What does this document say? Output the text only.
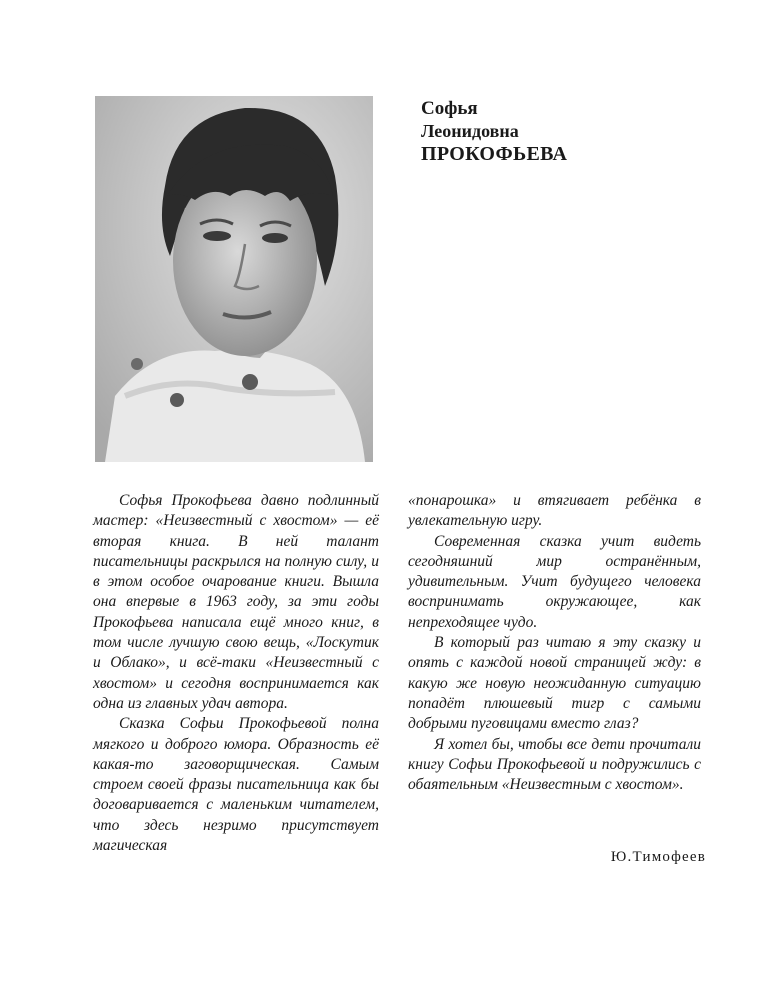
Софья
Леонидовна
ПРОКОФЬЕВА

Софья Прокофьева давно подлинный мастер: «Неизвестный с хвостом» — её вторая книга. В ней талант писательницы раскрылся на полную силу, и в этом особое очарование книги. Вышла она впервые в 1963 году, за эти годы Прокофьева написала ещё много книг, в том числе лучшую свою вещь, «Лоскутик и Облако», и всё-таки «Неизвестный с хвостом» и сегодня воспринимается как одна из главных удач автора.

Сказка Софьи Прокофьевой полна мягкого и доброго юмора. Образность её какая-то заговорщическая. Самым строем своей фразы писательница как бы договаривается с маленьким читателем, что здесь незримо присутствует магическая

«понарошка» и втягивает ребёнка в увлекательную игру.

Современная сказка учит видеть сегодняшний мир остранённым, удивительным. Учит будущего человека воспринимать окружающее, как непреходящее чудо.

В который раз читаю я эту сказку и опять с каждой новой страницей жду: в какую же новую неожиданную ситуацию попадёт плюшевый тигр с самыми добрыми пуговицами вместо глаз?

Я хотел бы, чтобы все дети прочитали книгу Софьи Прокофьевой и подружились с обаятельным «Неизвестным с хвостом».

Ю.Тимофеев
